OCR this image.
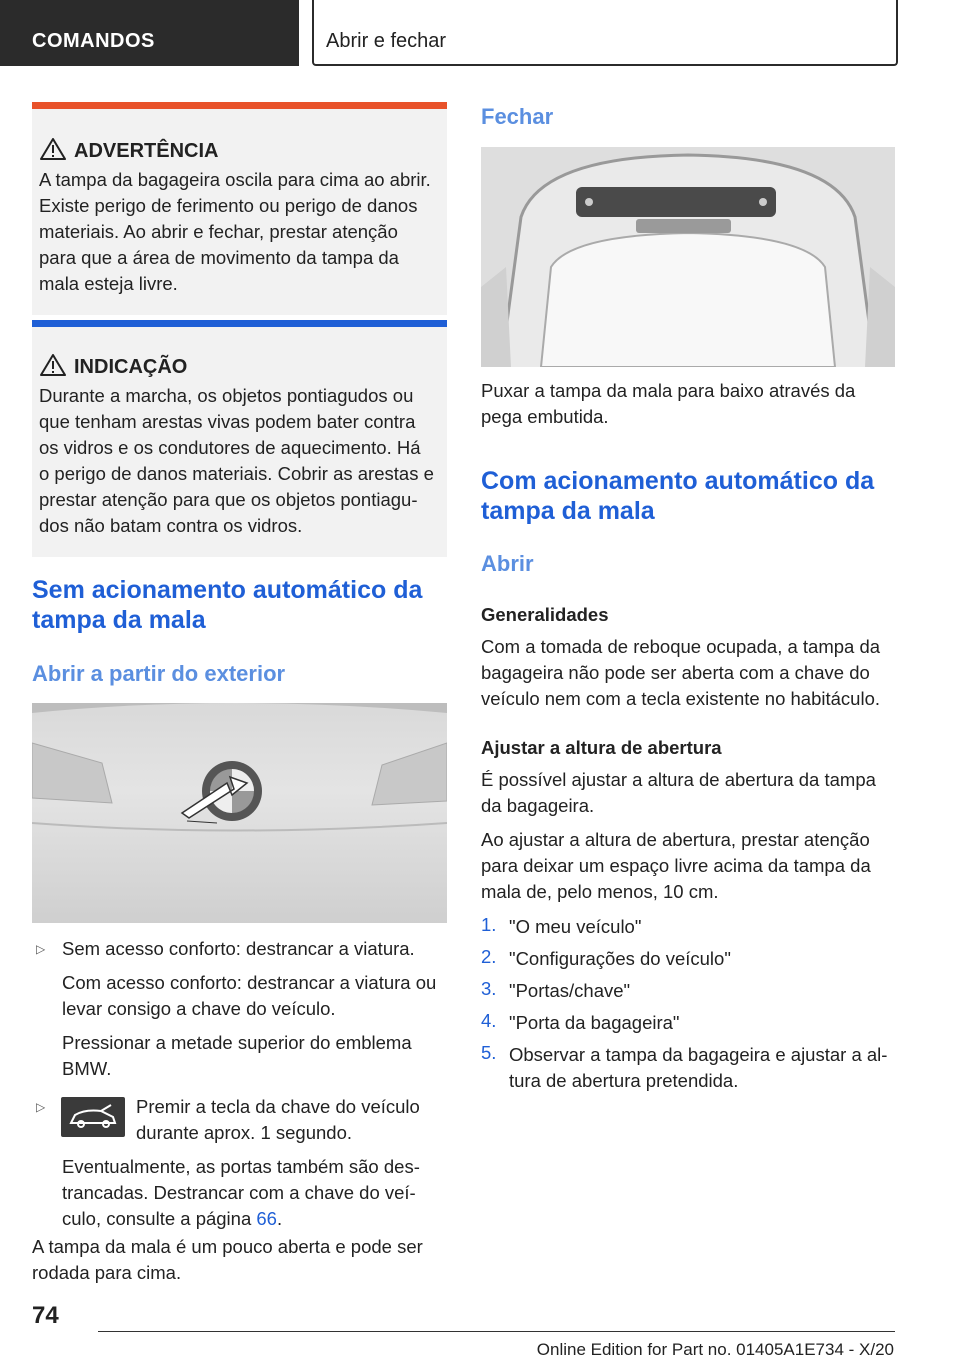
COMANDOS	Abrir e fechar
ADVERTÊNCIA
A tampa da bagageira oscila para cima ao abrir.
Existe perigo de ferimento ou perigo de danos
materiais. Ao abrir e fechar, prestar atenção
para que a área de movimento da tampa da
mala esteja livre.
INDICAÇÃO
Durante a marcha, os objetos pontiagudos ou
que tenham arestas vivas podem bater contra
os vidros e os condutores de aquecimento. Há
o perigo de danos materiais. Cobrir as arestas e
prestar atenção para que os objetos pontiagu-
dos não batam contra os vidros.
Sem acionamento automático da
tampa da mala
Abrir a partir do exterior
▷ Sem acesso conforto: destrancar a viatura.
Com acesso conforto: destrancar a viatura ou
levar consigo a chave do veículo.
Pressionar a metade superior do emblema
BMW.
▷	Premir a tecla da chave do veículo
durante aprox. 1 segundo.
Eventualmente, as portas também são des-
trancadas. Destrancar com a chave do veí-
culo, consulte a página 66.
A tampa da mala é um pouco aberta e pode ser
rodada para cima.
Fechar
Puxar a tampa da mala para baixo através da
pega embutida.
Com acionamento automático da
tampa da mala
Abrir
Generalidades
Com a tomada de reboque ocupada, a tampa da
bagageira não pode ser aberta com a chave do
veículo nem com a tecla existente no habitáculo.
Ajustar a altura de abertura
É possível ajustar a altura de abertura da tampa
da bagageira.
Ao ajustar a altura de abertura, prestar atenção
para deixar um espaço livre acima da tampa da
mala de, pelo menos, 10 cm.
1. "O meu veículo"
2. "Configurações do veículo"
3. "Portas/chave"
4. "Porta da bagageira"
5. Observar a tampa da bagageira e ajustar a al-
tura de abertura pretendida.
74
Online Edition for Part no. 01405A1E734 - X/20
